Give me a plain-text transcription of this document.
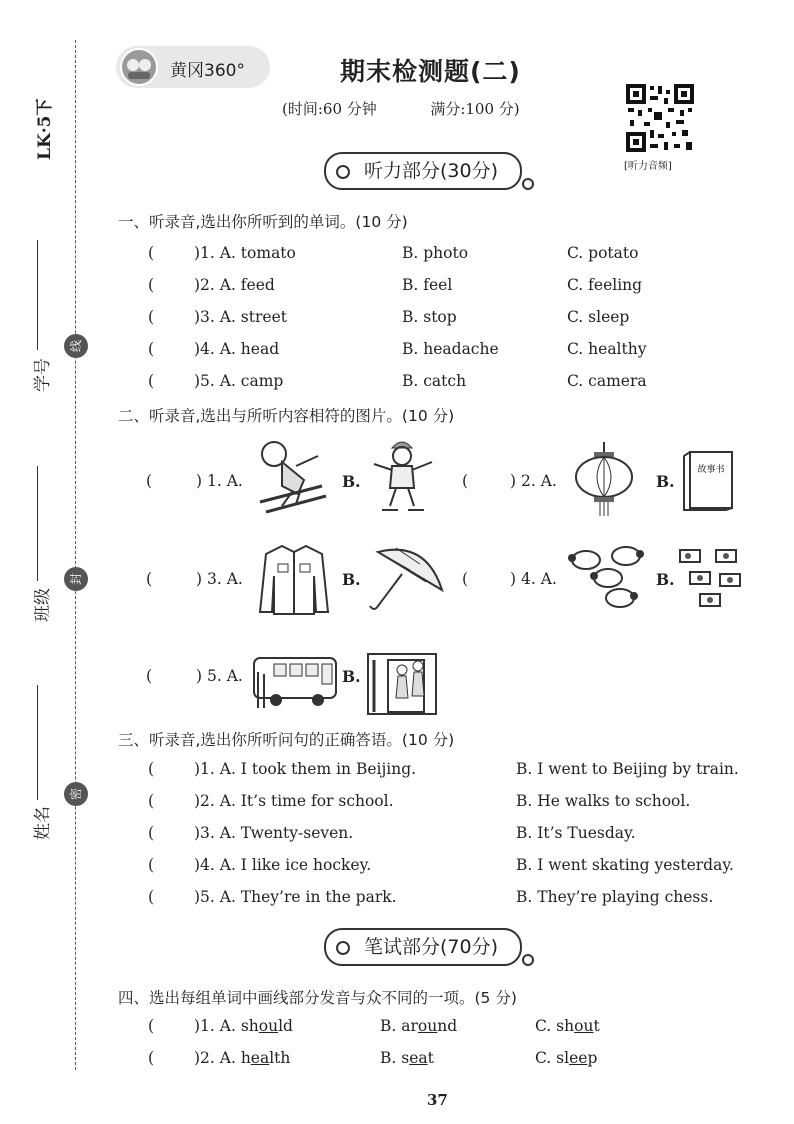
LK·5下
学号
班级
姓名
线
封
密
黄冈360°	期末检测题(二)
(时间:60 分钟	满分:100 分)
[听力音频]
听力部分(30分)
一、听录音,选出你所听到的单词。(10 分)
(	)1. A. tomato	B. photo	C. potato
(	)2. A. feed	B. feel	C. feeling
(	)3. A. street	B. stop	C. sleep
(	)4. A. head	B. headache	C. healthy
(	)5. A. camp	B. catch	C. camera
二、听录音,选出与所听内容相符的图片。(10 分)
(	) 1. A.	B.	(	) 2. A.	B.
故事书
(	) 3. A.	B.	(	) 4. A.	B.
(	) 5. A.	B.
三、听录音,选出你所听问句的正确答语。(10 分)
(	)1. A. I took them in Beijing.	B. I went to Beijing by train.
(	)2. A. It’s time for school.	B. He walks to school.
(	)3. A. Twenty-seven.	B. It’s Tuesday.
(	)4. A. I like ice hockey.	B. I went skating yesterday.
(	)5. A. They’re in the park.	B. They’re playing chess.
笔试部分(70分)
四、选出每组单词中画线部分发音与众不同的一项。(5 分)
(	)1. A. should	B. around	C. shout
(	)2. A. health	B. seat	C. sleep
37
